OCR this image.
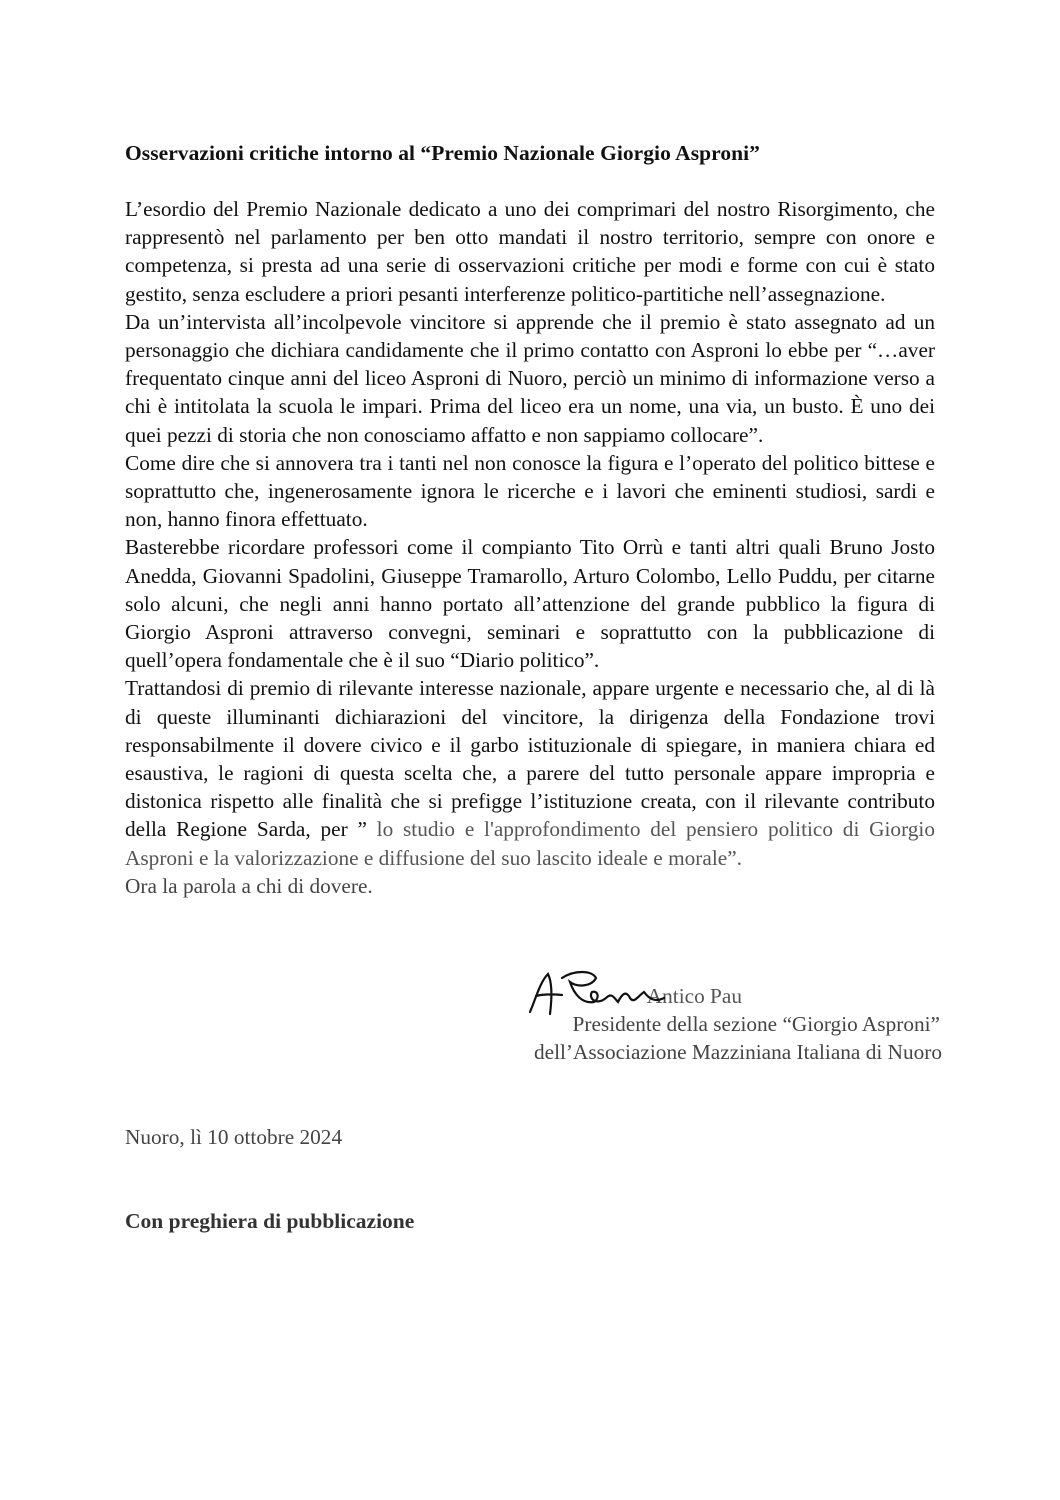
Osservazioni critiche intorno al “Premio Nazionale Giorgio Asproni”

L’esordio del Premio Nazionale dedicato a uno dei comprimari del nostro Risorgimento, che rappresentò nel parlamento per ben otto mandati il nostro territorio, sempre con onore e competenza, si presta ad una serie di osservazioni critiche per modi e forme con cui è stato gestito, senza escludere a priori pesanti interferenze politico-partitiche nell’assegnazione.

Da un’intervista all’incolpevole vincitore si apprende che il premio è stato assegnato ad un personaggio che dichiara candidamente che il primo contatto con Asproni lo ebbe per “…aver frequentato cinque anni del liceo Asproni di Nuoro, perciò un minimo di informazione verso a chi è intitolata la scuola le impari. Prima del liceo era un nome, una via, un busto. È uno dei quei pezzi di storia che non conosciamo affatto e non sappiamo collocare”.

Come dire che si annovera tra i tanti nel non conosce la figura e l’operato del politico bittese e soprattutto che, ingenerosamente ignora le ricerche e i lavori che eminenti studiosi, sardi e non, hanno finora effettuato.

Basterebbe ricordare professori come il compianto Tito Orrù e tanti altri quali Bruno Josto Anedda, Giovanni Spadolini, Giuseppe Tramarollo, Arturo Colombo, Lello Puddu, per citarne solo alcuni, che negli anni hanno portato all’attenzione del grande pubblico la figura di Giorgio Asproni attraverso convegni, seminari e soprattutto con la pubblicazione di quell’opera fondamentale che è il suo “Diario politico”.

Trattandosi di premio di rilevante interesse nazionale, appare urgente e necessario che, al di là di queste illuminanti dichiarazioni del vincitore, la dirigenza della Fondazione trovi responsabilmente il dovere civico e il garbo istituzionale di spiegare, in maniera chiara ed esaustiva, le ragioni di questa scelta che, a parere del tutto personale appare impropria e distonica rispetto alle finalità che si prefigge l’istituzione creata, con il rilevante contributo della Regione Sarda, per ” lo studio e l'approfondimento del pensiero politico di Giorgio Asproni e la valorizzazione e diffusione del suo lascito ideale e morale”.

Ora la parola a chi di dovere.

Antico Pau
Presidente della sezione “Giorgio Asproni”
dell’Associazione Mazziniana Italiana di Nuoro
Nuoro, lì 10 ottobre 2024
Con preghiera di pubblicazione
